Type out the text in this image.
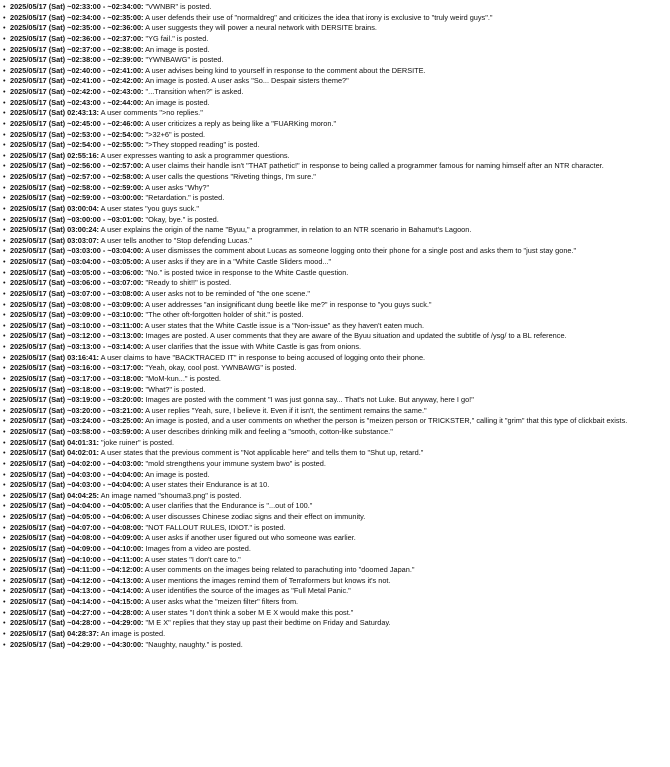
• 2025/05/17 (Sat) ~02:33:00 - ~02:34:00: "VWNBR" is posted.
• 2025/05/17 (Sat) ~02:34:00 - ~02:35:00: A user defends their use of "normaldreg" and criticizes the idea that irony is exclusive to "truly weird guys"."
• 2025/05/17 (Sat) ~02:35:00 - ~02:36:00: A user suggests they will power a neural network with DERSITE brains.
• 2025/05/17 (Sat) ~02:36:00 - ~02:37:00: "YG fail." is posted.
• 2025/05/17 (Sat) ~02:37:00 - ~02:38:00: An image is posted.
• 2025/05/17 (Sat) ~02:38:00 - ~02:39:00: "YWNBAWG" is posted.
• 2025/05/17 (Sat) ~02:40:00 - ~02:41:00: A user advises being kind to yourself in response to the comment about the DERSITE.
• 2025/05/17 (Sat) ~02:41:00 - ~02:42:00: An image is posted. A user asks "So... Despair sisters theme?"
• 2025/05/17 (Sat) ~02:42:00 - ~02:43:00: "...Transition when?" is asked.
• 2025/05/17 (Sat) ~02:43:00 - ~02:44:00: An image is posted.
• 2025/05/17 (Sat) 02:43:13: A user comments ">no replies."
• 2025/05/17 (Sat) ~02:45:00 - ~02:46:00: A user criticizes a reply as being like a "FUARKing moron."
• 2025/05/17 (Sat) ~02:53:00 - ~02:54:00: ">32+6" is posted.
• 2025/05/17 (Sat) ~02:54:00 - ~02:55:00: ">They stopped reading" is posted.
• 2025/05/17 (Sat) 02:55:16: A user expresses wanting to ask a programmer questions.
• 2025/05/17 (Sat) ~02:56:00 - ~02:57:00: A user claims their handle isn't "THAT pathetic!" in response to being called a programmer famous for naming himself after an NTR character.
• 2025/05/17 (Sat) ~02:57:00 - ~02:58:00: A user calls the questions "Riveting things, I'm sure."
• 2025/05/17 (Sat) ~02:58:00 - ~02:59:00: A user asks "Why?"
• 2025/05/17 (Sat) ~02:59:00 - ~03:00:00: "Retardation." is posted.
• 2025/05/17 (Sat) 03:00:04: A user states "you guys suck."
• 2025/05/17 (Sat) ~03:00:00 - ~03:01:00: "Okay, bye." is posted.
• 2025/05/17 (Sat) 03:00:24: A user explains the origin of the name "Byuu," a programmer, in relation to an NTR scenario in Bahamut's Lagoon.
• 2025/05/17 (Sat) 03:03:07: A user tells another to "Stop defending Lucas."
• 2025/05/17 (Sat) ~03:03:00 - ~03:04:00: A user dismisses the comment about Lucas as someone logging onto their phone for a single post and asks them to "just stay gone."
• 2025/05/17 (Sat) ~03:04:00 - ~03:05:00: A user asks if they are in a "White Castle Sliders mood..."
• 2025/05/17 (Sat) ~03:05:00 - ~03:06:00: "No." is posted twice in response to the White Castle question.
• 2025/05/17 (Sat) ~03:06:00 - ~03:07:00: "Ready to shit!!" is posted.
• 2025/05/17 (Sat) ~03:07:00 - ~03:08:00: A user asks not to be reminded of "the one scene."
• 2025/05/17 (Sat) ~03:08:00 - ~03:09:00: A user addresses "an insignificant dung beetle like me?" in response to "you guys suck."
• 2025/05/17 (Sat) ~03:09:00 - ~03:10:00: "The other oft-forgotten holder of shit." is posted.
• 2025/05/17 (Sat) ~03:10:00 - ~03:11:00: A user states that the White Castle issue is a "Non-issue" as they haven't eaten much.
• 2025/05/17 (Sat) ~03:12:00 - ~03:13:00: Images are posted. A user comments that they are aware of the Byuu situation and updated the subtitle of /ysg/ to a BL reference.
• 2025/05/17 (Sat) ~03:13:00 - ~03:14:00: A user clarifies that the issue with White Castle is gas from onions.
• 2025/05/17 (Sat) 03:16:41: A user claims to have "BACKTRACED IT" in response to being accused of logging onto their phone.
• 2025/05/17 (Sat) ~03:16:00 - ~03:17:00: "Yeah, okay, cool post. YWNBAWG" is posted.
• 2025/05/17 (Sat) ~03:17:00 - ~03:18:00: "MoM-kun..." is posted.
• 2025/05/17 (Sat) ~03:18:00 - ~03:19:00: "What?" is posted.
• 2025/05/17 (Sat) ~03:19:00 - ~03:20:00: Images are posted with the comment "I was just gonna say... That's not Luke. But anyway, here I go!"
• 2025/05/17 (Sat) ~03:20:00 - ~03:21:00: A user replies "Yeah, sure, I believe it. Even if it isn't, the sentiment remains the same."
• 2025/05/17 (Sat) ~03:24:00 - ~03:25:00: An image is posted, and a user comments on whether the person is "meizen person or TRICKSTER," calling it "grim" that this type of clickbait exists.
• 2025/05/17 (Sat) ~03:58:00 - ~03:59:00: A user describes drinking milk and feeling a "smooth, cotton-like substance."
• 2025/05/17 (Sat) 04:01:31: "joke ruiner" is posted.
• 2025/05/17 (Sat) 04:02:01: A user states that the previous comment is "Not applicable here" and tells them to "Shut up, retard."
• 2025/05/17 (Sat) ~04:02:00 - ~04:03:00: "mold strengthens your immune system bwo" is posted.
• 2025/05/17 (Sat) ~04:03:00 - ~04:04:00: An image is posted.
• 2025/05/17 (Sat) ~04:03:00 - ~04:04:00: A user states their Endurance is at 10.
• 2025/05/17 (Sat) 04:04:25: An image named "shouma3.png" is posted.
• 2025/05/17 (Sat) ~04:04:00 - ~04:05:00: A user clarifies that the Endurance is "...out of 100."
• 2025/05/17 (Sat) ~04:05:00 - ~04:06:00: A user discusses Chinese zodiac signs and their effect on immunity.
• 2025/05/17 (Sat) ~04:07:00 - ~04:08:00: "NOT FALLOUT RULES, IDIOT." is posted.
• 2025/05/17 (Sat) ~04:08:00 - ~04:09:00: A user asks if another user figured out who someone was earlier.
• 2025/05/17 (Sat) ~04:09:00 - ~04:10:00: Images from a video are posted.
• 2025/05/17 (Sat) ~04:10:00 - ~04:11:00: A user states "I don't care to."
• 2025/05/17 (Sat) ~04:11:00 - ~04:12:00: A user comments on the images being related to parachuting into "doomed Japan."
• 2025/05/17 (Sat) ~04:12:00 - ~04:13:00: A user mentions the images remind them of Terraformers but knows it's not.
• 2025/05/17 (Sat) ~04:13:00 - ~04:14:00: A user identifies the source of the images as "Full Metal Panic."
• 2025/05/17 (Sat) ~04:14:00 - ~04:15:00: A user asks what the "meizen filter" filters from.
• 2025/05/17 (Sat) ~04:27:00 - ~04:28:00: A user states "I don't think a sober M E X would make this post."
• 2025/05/17 (Sat) ~04:28:00 - ~04:29:00: "M E X" replies that they stay up past their bedtime on Friday and Saturday.
• 2025/05/17 (Sat) 04:28:37: An image is posted.
• 2025/05/17 (Sat) ~04:29:00 - ~04:30:00: "Naughty, naughty." is posted.
